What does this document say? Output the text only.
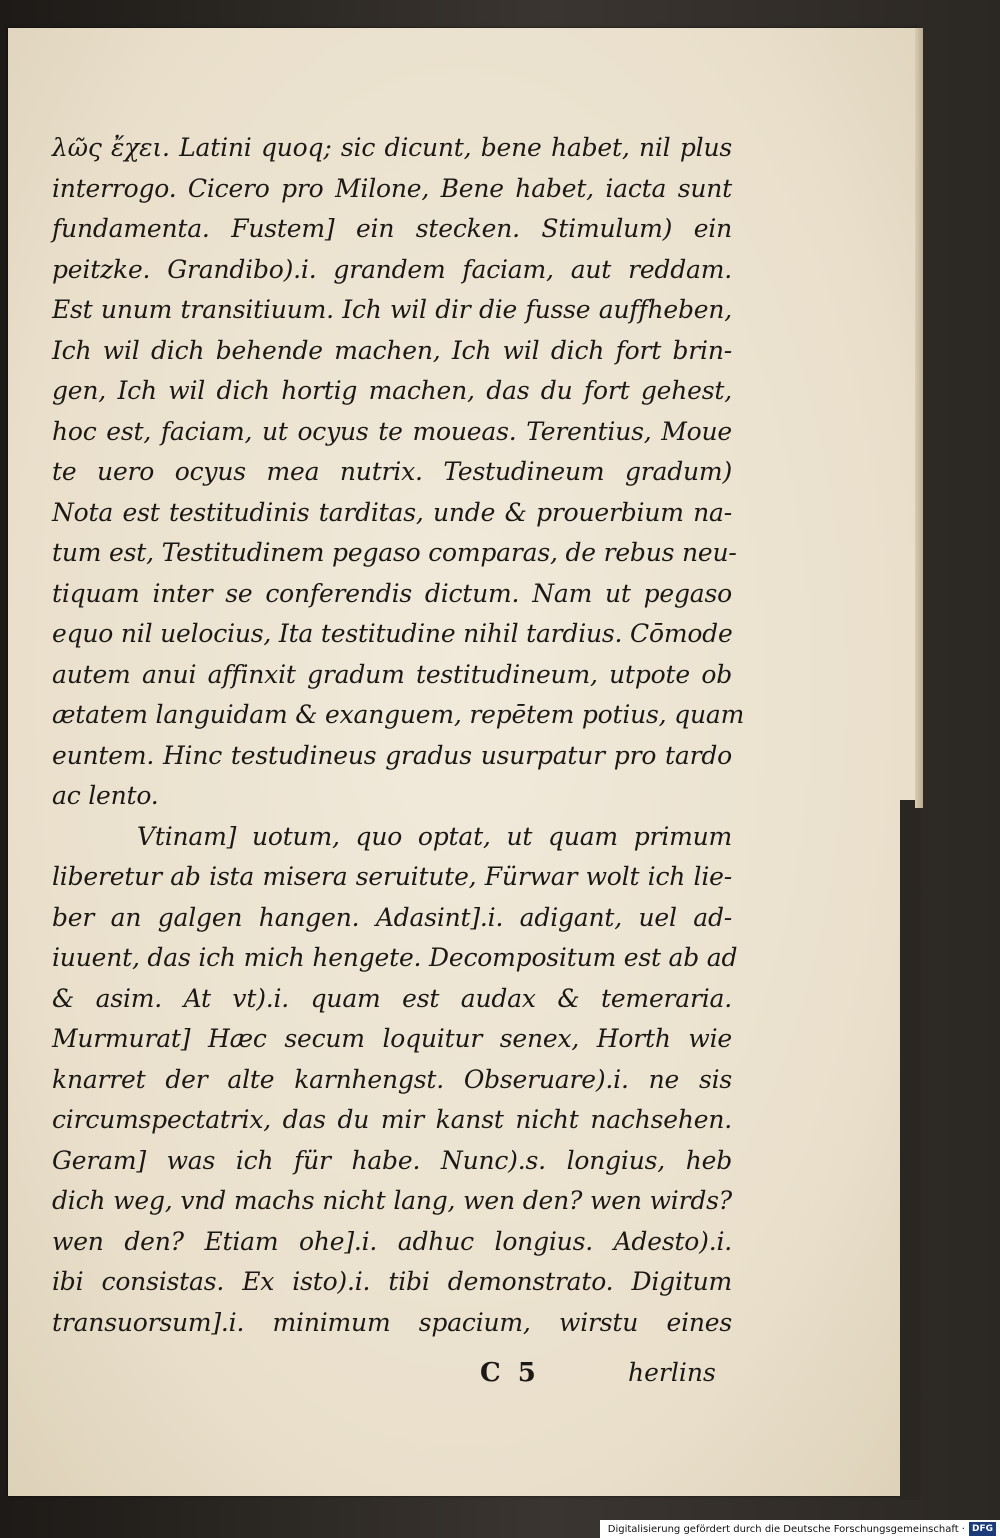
λῶς ἔχει. Latini quoq; sic dicunt, bene habet, nil plus
interrogo. Cicero pro Milone, Bene habet, iacta sunt
fundamenta. Fustem] ein stecken. Stimulum) ein
peitzke. Grandibo).i. grandem faciam, aut reddam.
Est unum transitiuum. Ich wil dir die fusse auffheben,
Ich wil dich behende machen, Ich wil dich fort brin-
gen, Ich wil dich hortig machen, das du fort gehest,
hoc est, faciam, ut ocyus te moueas. Terentius, Moue
te uero ocyus mea nutrix. Testudineum gradum)
Nota est testitudinis tarditas, unde & prouerbium na-
tum est, Testitudinem pegaso comparas, de rebus neu-
tiquam inter se conferendis dictum. Nam ut pegaso
equo nil uelocius, Ita testitudine nihil tardius. Cōmode
autem anui affinxit gradum testitudineum, utpote ob
ætatem languidam & exanguem, repētem potius, quam
euntem. Hinc testudineus gradus usurpatur pro tardo
ac lento.
Vtinam] uotum, quo optat, ut quam primum
liberetur ab ista misera seruitute, Fürwar wolt ich lie-
ber an galgen hangen. Adasint].i. adigant, uel ad-
iuuent, das ich mich hengete. Decompositum est ab ad
& asim. At vt).i. quam est audax & temeraria.
Murmurat] Hæc secum loquitur senex, Horth wie
knarret der alte karnhengst. Obseruare).i. ne sis
circumspectatrix, das du mir kanst nicht nachsehen.
Geram] was ich für habe. Nunc).s. longius, heb
dich weg, vnd machs nicht lang, wen den? wen wirds?
wen den? Etiam ohe].i. adhuc longius. Adesto).i.
ibi consistas. Ex isto).i. tibi demonstrato. Digitum
transuorsum].i. minimum spacium, wirstu eines
C 5	herlins
Digitalisierung gefördert durch die Deutsche Forschungsgemeinschaft · DFG
